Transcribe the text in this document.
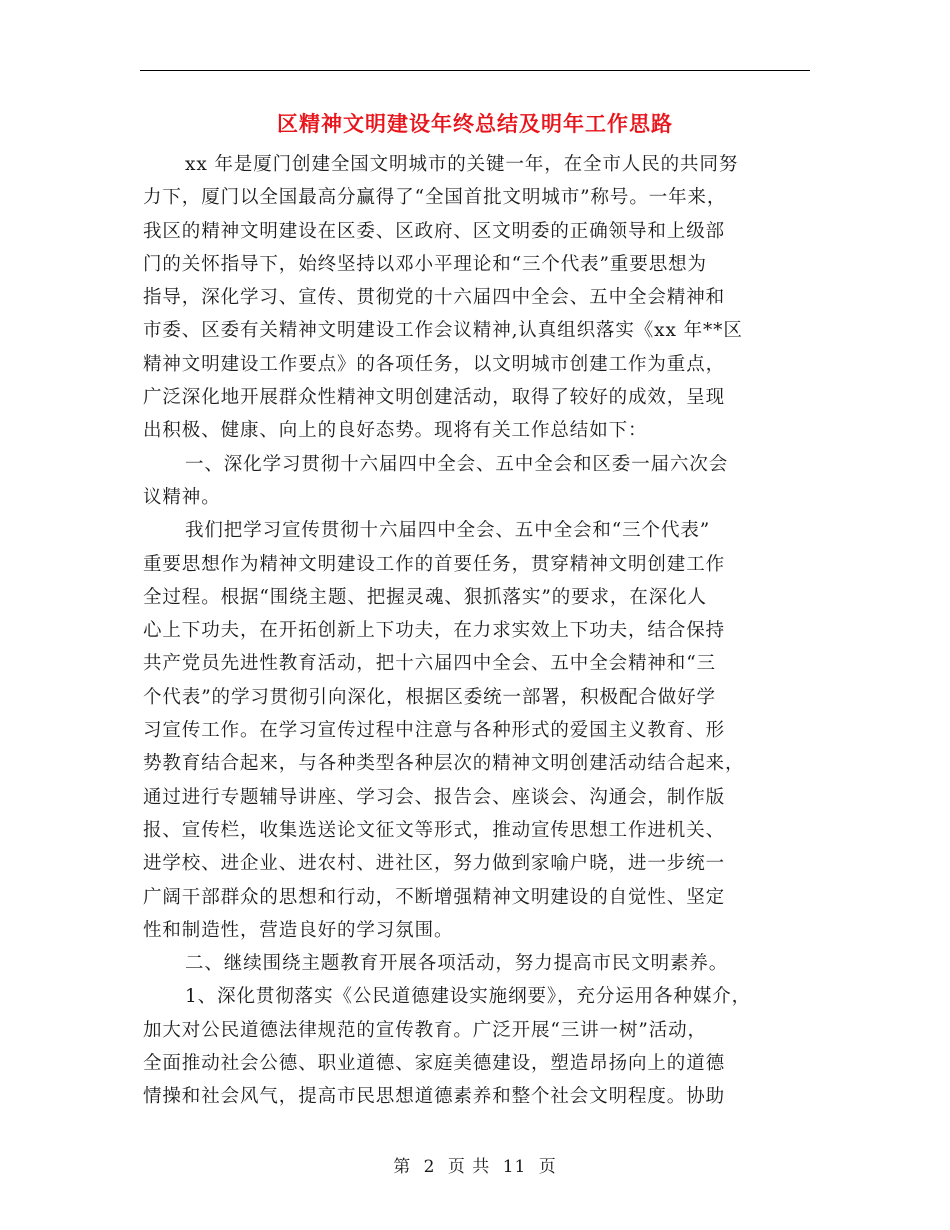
区精神文明建设年终总结及明年工作思路
xx 年是厦门创建全国文明城市的关键一年，在全市人民的共同努
力下，厦门以全国最高分赢得了“全国首批文明城市”称号。一年来，
我区的精神文明建设在区委、区政府、区文明委的正确领导和上级部
门的关怀指导下，始终坚持以邓小平理论和“三个代表”重要思想为
指导，深化学习、宣传、贯彻党的十六届四中全会、五中全会精神和
市委、区委有关精神文明建设工作会议精神,认真组织落实《xx 年**区
精神文明建设工作要点》的各项任务，以文明城市创建工作为重点，
广泛深化地开展群众性精神文明创建活动，取得了较好的成效，呈现
出积极、健康、向上的良好态势。现将有关工作总结如下：
一、深化学习贯彻十六届四中全会、五中全会和区委一届六次会
议精神。
我们把学习宣传贯彻十六届四中全会、五中全会和“三个代表”
重要思想作为精神文明建设工作的首要任务，贯穿精神文明创建工作
全过程。根据“围绕主题、把握灵魂、狠抓落实”的要求，在深化人
心上下功夫，在开拓创新上下功夫，在力求实效上下功夫，结合保持
共产党员先进性教育活动，把十六届四中全会、五中全会精神和“三
个代表”的学习贯彻引向深化，根据区委统一部署，积极配合做好学
习宣传工作。在学习宣传过程中注意与各种形式的爱国主义教育、形
势教育结合起来，与各种类型各种层次的精神文明创建活动结合起来，
通过进行专题辅导讲座、学习会、报告会、座谈会、沟通会，制作版
报、宣传栏，收集选送论文征文等形式，推动宣传思想工作进机关、
进学校、进企业、进农村、进社区，努力做到家喻户晓，进一步统一
广阔干部群众的思想和行动，不断增强精神文明建设的自觉性、坚定
性和制造性，营造良好的学习氛围。
二、继续围绕主题教育开展各项活动，努力提高市民文明素养。
1、深化贯彻落实《公民道德建设实施纲要》，充分运用各种媒介，
加大对公民道德法律规范的宣传教育。广泛开展“三讲一树”活动，
全面推动社会公德、职业道德、家庭美德建设，塑造昂扬向上的道德
情操和社会风气，提高市民思想道德素养和整个社会文明程度。协助
第 2 页 共 11 页
